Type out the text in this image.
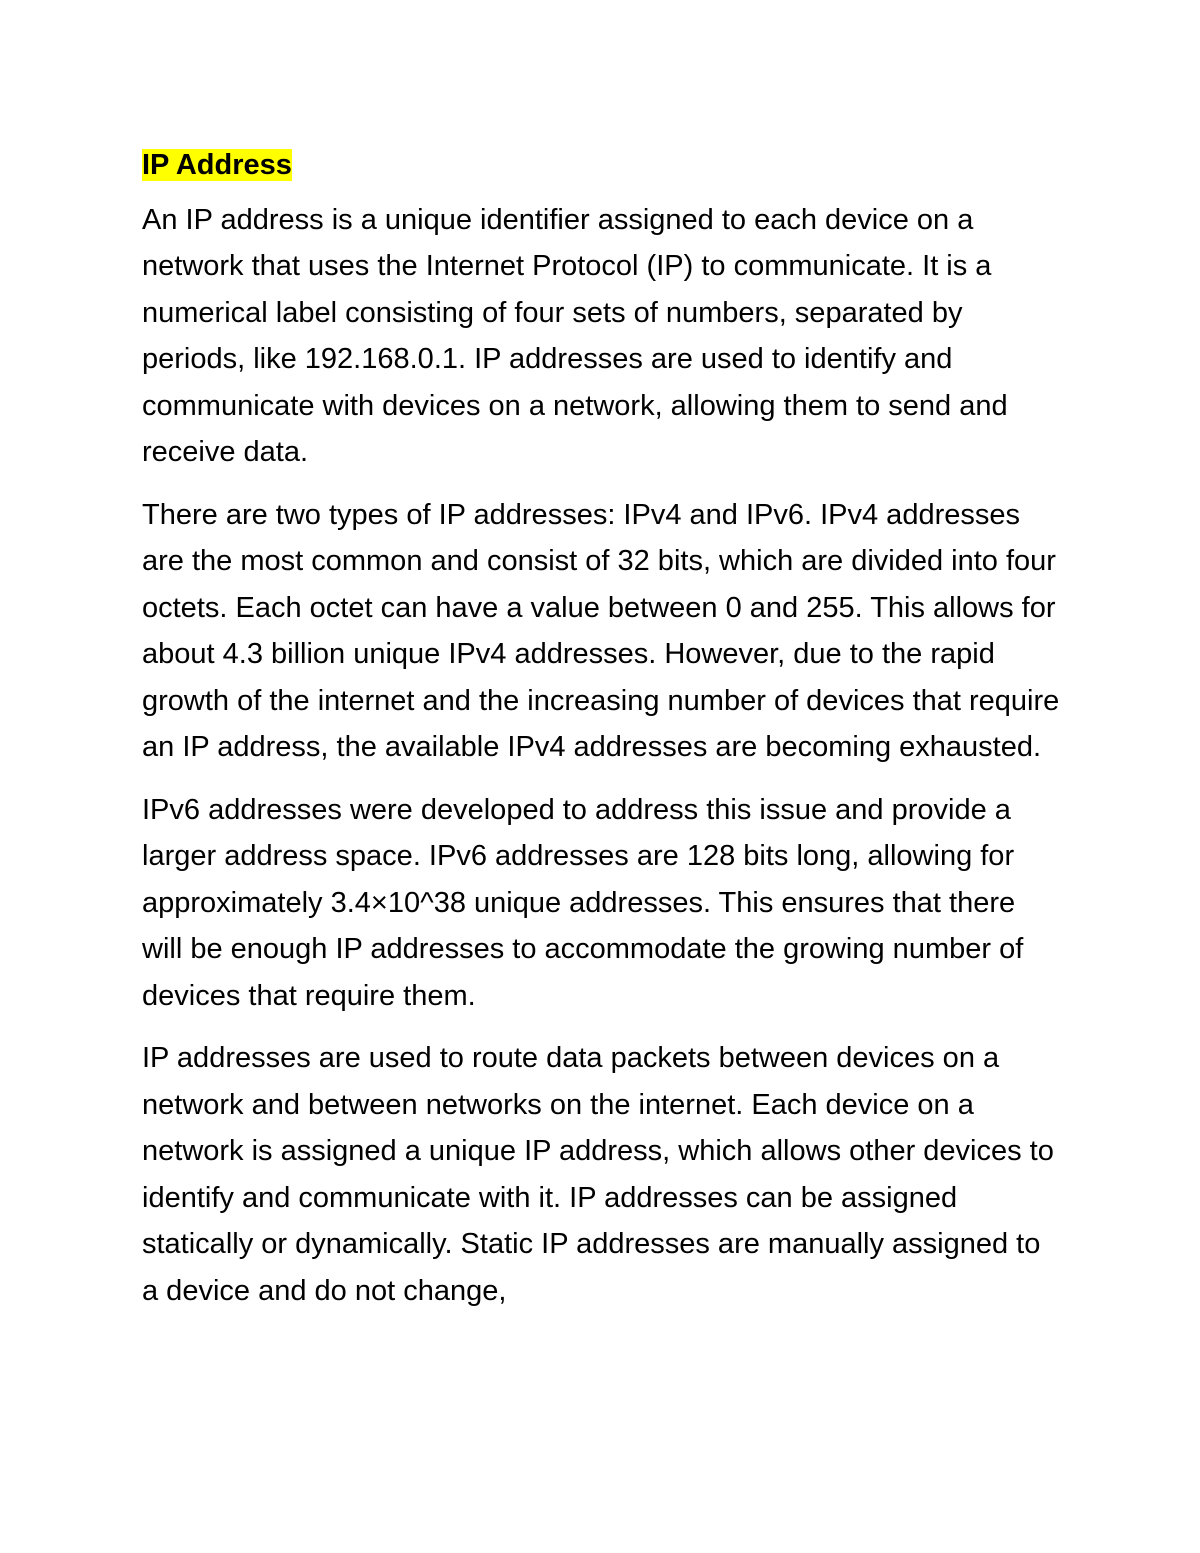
IP Address

An IP address is a unique identifier assigned to each device on a network that uses the Internet Protocol (IP) to communicate. It is a numerical label consisting of four sets of numbers, separated by periods, like 192.168.0.1. IP addresses are used to identify and communicate with devices on a network, allowing them to send and receive data.

There are two types of IP addresses: IPv4 and IPv6. IPv4 addresses are the most common and consist of 32 bits, which are divided into four octets. Each octet can have a value between 0 and 255. This allows for about 4.3 billion unique IPv4 addresses. However, due to the rapid growth of the internet and the increasing number of devices that require an IP address, the available IPv4 addresses are becoming exhausted.

IPv6 addresses were developed to address this issue and provide a larger address space. IPv6 addresses are 128 bits long, allowing for approximately 3.4×10^38 unique addresses. This ensures that there will be enough IP addresses to accommodate the growing number of devices that require them.

IP addresses are used to route data packets between devices on a network and between networks on the internet. Each device on a network is assigned a unique IP address, which allows other devices to identify and communicate with it. IP addresses can be assigned statically or dynamically. Static IP addresses are manually assigned to a device and do not change,
